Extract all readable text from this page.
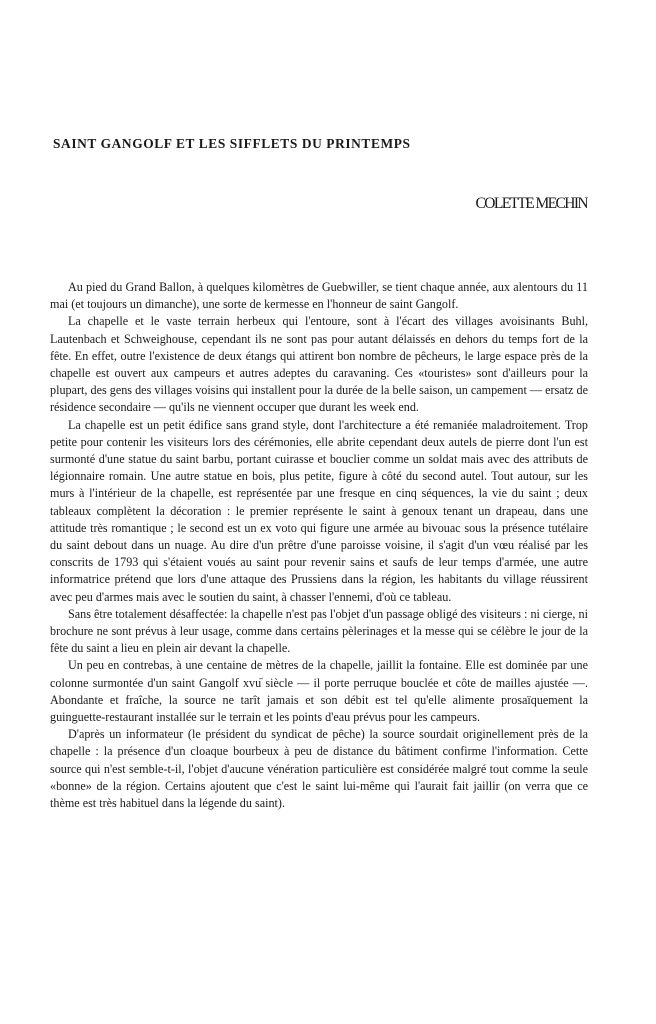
SAINT GANGOLF ET LES SIFFLETS DU PRINTEMPS
COLETTE MECHIN

Au pied du Grand Ballon, à quelques kilomètres de Guebwiller, se tient chaque année, aux alentours du 11 mai (et toujours un dimanche), une sorte de kermesse en l'honneur de saint Gangolf.

La chapelle et le vaste terrain herbeux qui l'entoure, sont à l'écart des villages avoisinants Buhl, Lautenbach et Schweighouse, cependant ils ne sont pas pour autant délaissés en dehors du temps fort de la fête. En effet, outre l'existence de deux étangs qui attirent bon nombre de pêcheurs, le large espace près de la chapelle est ouvert aux campeurs et autres adeptes du caravaning. Ces «touristes» sont d'ailleurs pour la plupart, des gens des villages voisins qui installent pour la durée de la belle saison, un campement — ersatz de résidence secondaire — qu'ils ne viennent occuper que durant les week end.

La chapelle est un petit édifice sans grand style, dont l'architecture a été remaniée maladroitement. Trop petite pour contenir les visiteurs lors des cérémonies, elle abrite cependant deux autels de pierre dont l'un est surmonté d'une statue du saint barbu, portant cuirasse et bouclier comme un soldat mais avec des attributs de légionnaire romain. Une autre statue en bois, plus petite, figure à côté du second autel. Tout autour, sur les murs à l'intérieur de la chapelle, est représentée par une fresque en cinq séquences, la vie du saint ; deux tableaux complètent la décoration : le premier représente le saint à genoux tenant un drapeau, dans une attitude très romantique ; le second est un ex voto qui figure une armée au bivouac sous la présence tutélaire du saint debout dans un nuage. Au dire d'un prêtre d'une paroisse voisine, il s'agit d'un vœu réalisé par les conscrits de 1793 qui s'étaient voués au saint pour revenir sains et saufs de leur temps d'armée, une autre informatrice prétend que lors d'une attaque des Prussiens dans la région, les habitants du village réussirent avec peu d'armes mais avec le soutien du saint, à chasser l'ennemi, d'où ce tableau.

Sans être totalement désaffectée: la chapelle n'est pas l'objet d'un passage obligé des visiteurs : ni cierge, ni brochure ne sont prévus à leur usage, comme dans certains pèlerinages et la messe qui se célèbre le jour de la fête du saint a lieu en plein air devant la chapelle.

Un peu en contrebas, à une centaine de mètres de la chapelle, jaillit la fontaine. Elle est dominée par une colonne surmontée d'un saint Gangolf xvu᷄ siècle — il porte perruque bouclée et côte de mailles ajustée —. Abondante et fraîche, la source ne tarît jamais et son débit est tel qu'elle alimente prosaïquement la guinguette-restaurant installée sur le terrain et les points d'eau prévus pour les campeurs.

D'après un informateur (le président du syndicat de pêche) la source sourdait originellement près de la chapelle : la présence d'un cloaque bourbeux à peu de distance du bâtiment confirme l'information. Cette source qui n'est semble-t-il, l'objet d'aucune vénération particulière est considérée malgré tout comme la seule «bonne» de la région. Certains ajoutent que c'est le saint lui-même qui l'aurait fait jaillir (on verra que ce thème est très habituel dans la légende du saint).
